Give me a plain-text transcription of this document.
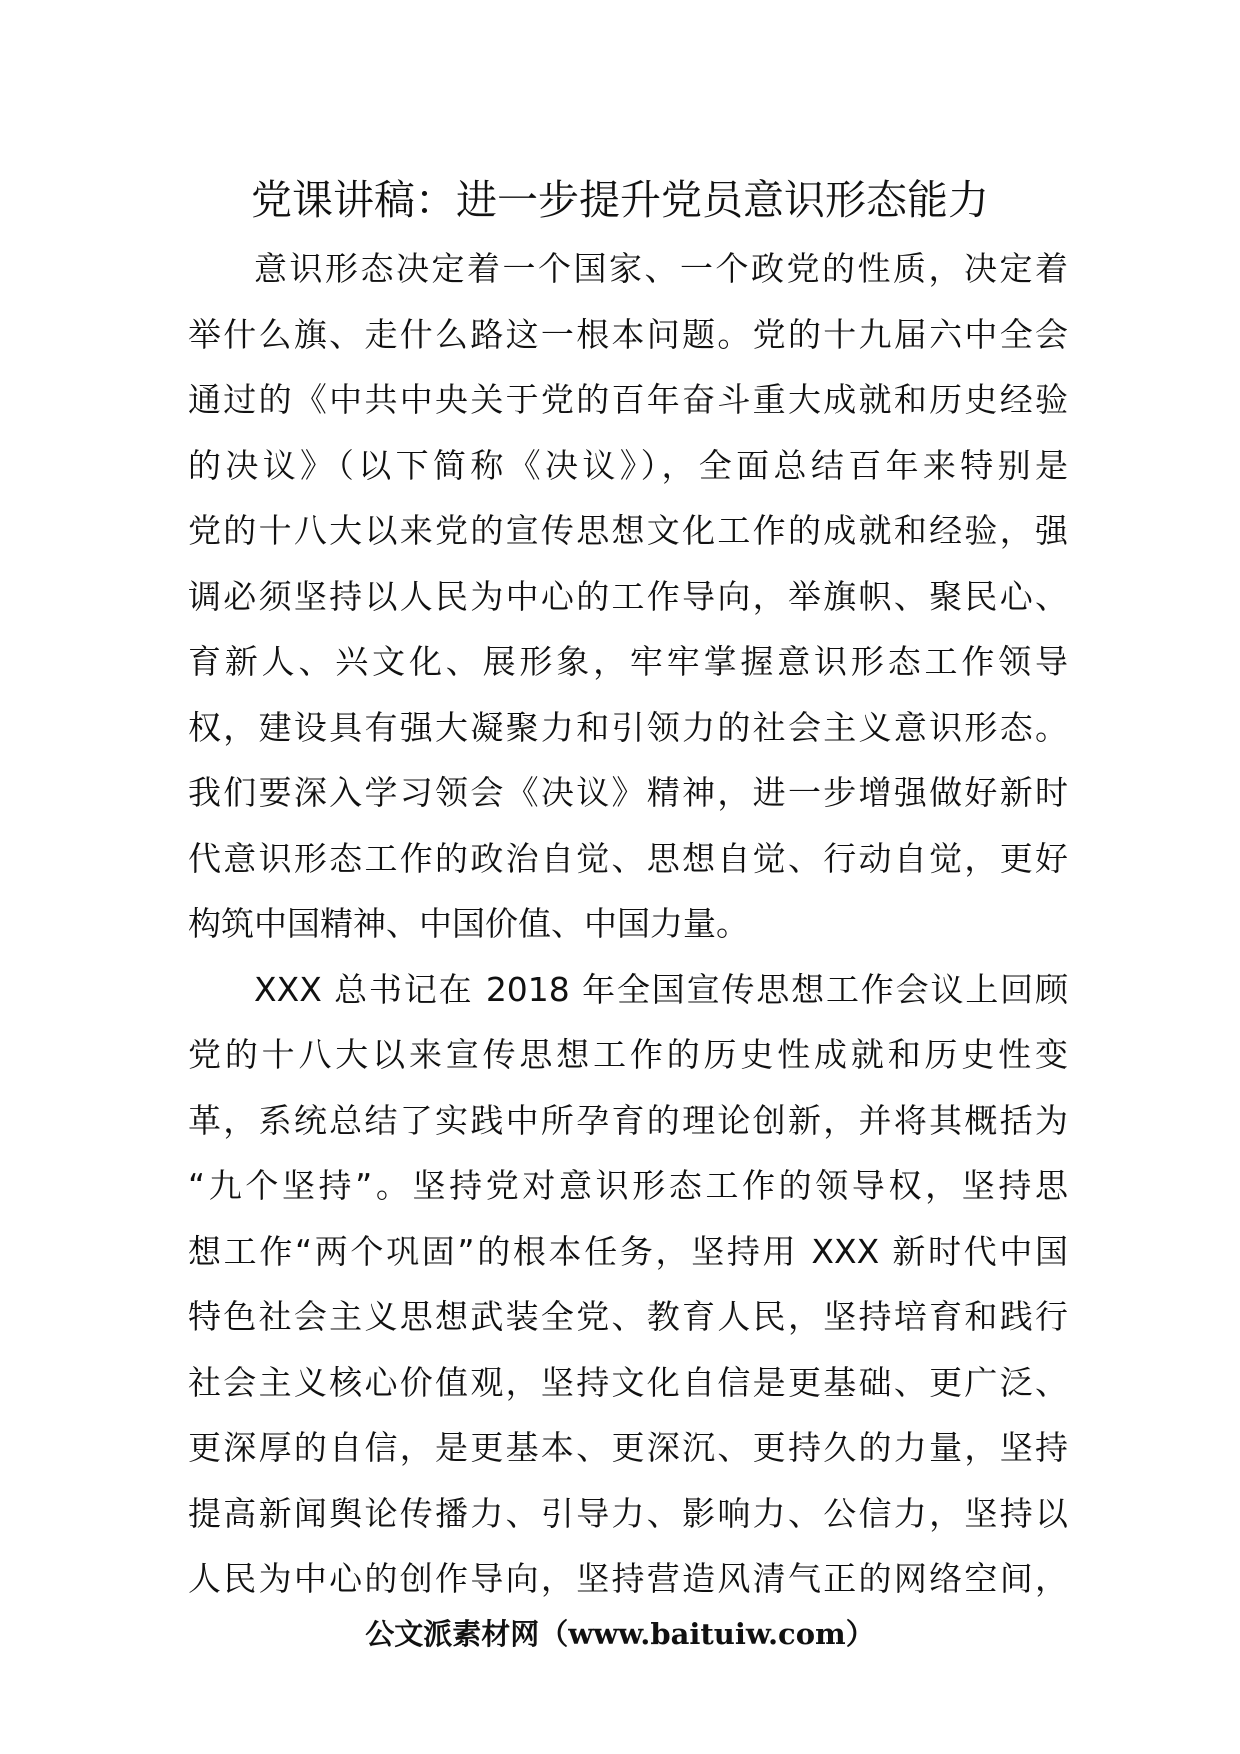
党课讲稿：进一步提升党员意识形态能力
意识形态决定着一个国家、一个政党的性质，决定着
举什么旗、走什么路这一根本问题。党的十九届六中全会
通过的《中共中央关于党的百年奋斗重大成就和历史经验
的决议》（以下简称《决议》），全面总结百年来特别是
党的十八大以来党的宣传思想文化工作的成就和经验，强
调必须坚持以人民为中心的工作导向，举旗帜、聚民心、
育新人、兴文化、展形象，牢牢掌握意识形态工作领导
权，建设具有强大凝聚力和引领力的社会主义意识形态。
我们要深入学习领会《决议》精神，进一步增强做好新时
代意识形态工作的政治自觉、思想自觉、行动自觉，更好
构筑中国精神、中国价值、中国力量。
XXX 总书记在 2018 年全国宣传思想工作会议上回顾
党的十八大以来宣传思想工作的历史性成就和历史性变
革，系统总结了实践中所孕育的理论创新，并将其概括为
“九个坚持”。坚持党对意识形态工作的领导权，坚持思
想工作“两个巩固”的根本任务，坚持用 XXX 新时代中国
特色社会主义思想武装全党、教育人民，坚持培育和践行
社会主义核心价值观，坚持文化自信是更基础、更广泛、
更深厚的自信，是更基本、更深沉、更持久的力量，坚持
提高新闻舆论传播力、引导力、影响力、公信力，坚持以
人民为中心的创作导向，坚持营造风清气正的网络空间，
公文派素材网（www.baituiw.com）
